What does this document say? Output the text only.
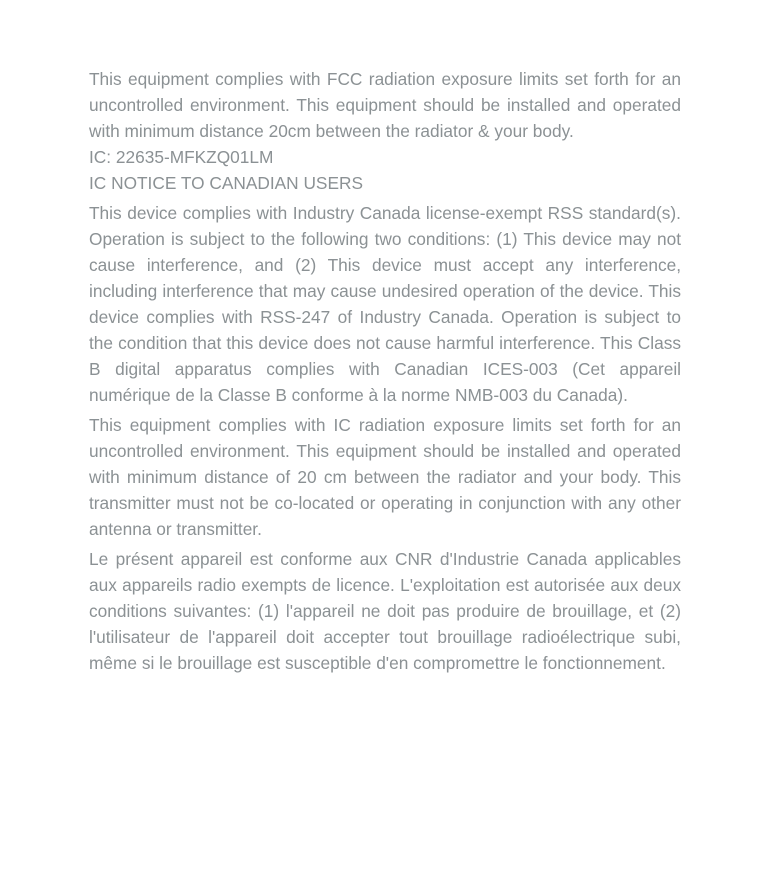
This equipment complies with FCC radiation exposure limits set forth for an uncontrolled environment. This equipment should be installed and operated with minimum distance 20cm between the radiator & your body.

IC: 22635-MFKZQ01LM

IC NOTICE TO CANADIAN USERS

This device complies with Industry Canada license‐exempt RSS standard(s). Operation is subject to the following two conditions: (1) This device may not cause interference, and (2) This device must accept any interference, including interference that may cause undesired operation of the device. This device complies with RSS‐247 of Industry Canada. Operation is subject to the condition that this device does not cause harmful interference. This Class B digital apparatus complies with Canadian ICES‐003 (Cet appareil numérique de la Classe B conforme à la norme NMB‐003 du Canada).

This equipment complies with IC radiation exposure limits set forth for an uncontrolled environment. This equipment should be installed and operated with minimum distance of 20 cm between the radiator and your body. This transmitter must not be co-located or operating in conjunction with any other antenna or transmitter.

Le présent appareil est conforme aux CNR d'Industrie Canada applicables aux appareils radio exempts de licence. L'exploitation est autorisée aux deux conditions suivantes: (1) l'appareil ne doit pas produire de brouillage, et (2) l'utilisateur de l'appareil doit accepter tout brouillage radioélectrique subi, même si le brouillage est susceptible d'en compromettre le fonctionnement.
